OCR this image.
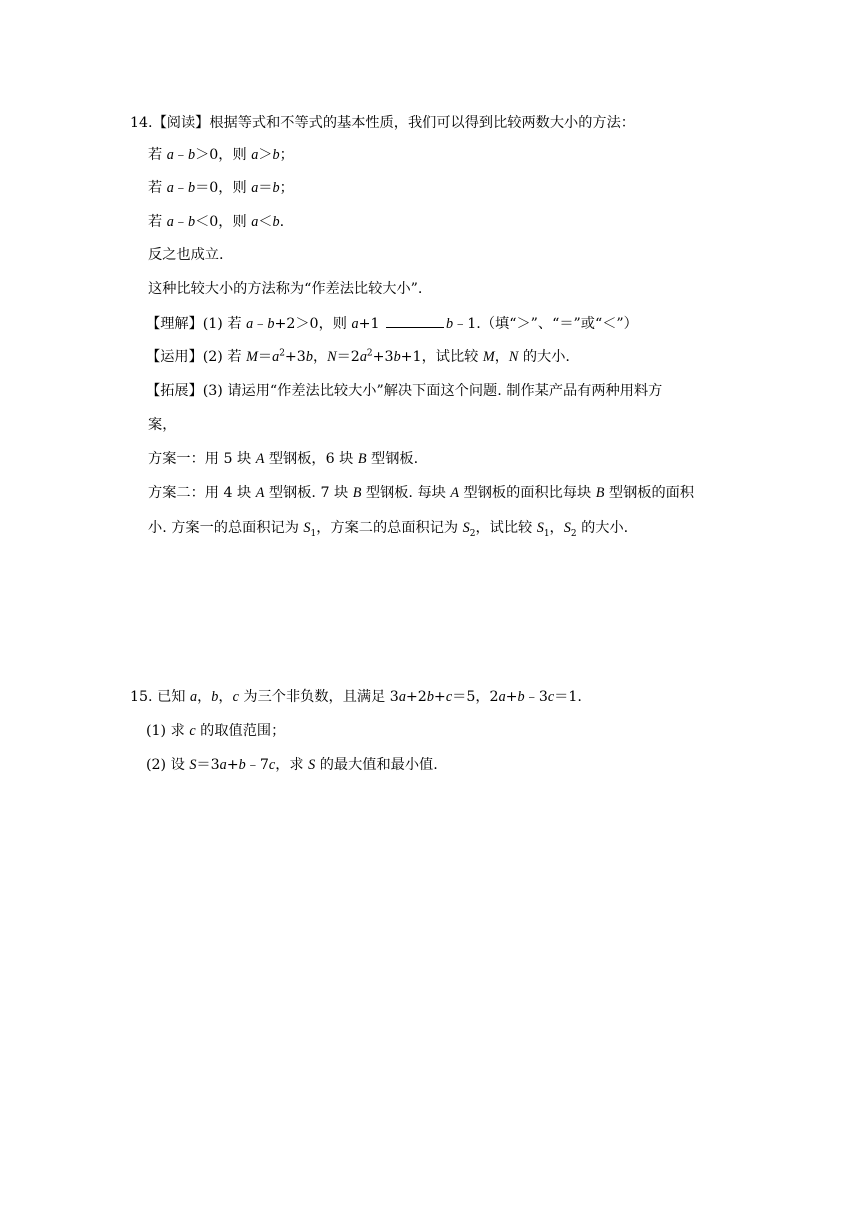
14.【阅读】根据等式和不等式的基本性质，我们可以得到比较两数大小的方法：
若 a﹣b＞0，则 a＞b；
若 a﹣b＝0，则 a＝b；
若 a﹣b＜0，则 a＜b.
反之也成立.
这种比较大小的方法称为“作差法比较大小”.
【理解】(1) 若 a﹣b+2＞0，则 a+1	b﹣1.（填“＞”、“＝”或“＜”）
【运用】(2) 若 $M=a^2+3b$，$N=2a^2+3b+1$，试比较 M，N 的大小.
【拓展】(3) 请运用“作差法比较大小”解决下面这个问题. 制作某产品有两种用料方
案，
方案一：用 5 块 A 型钢板，6 块 B 型钢板.
方案二：用 4 块 A 型钢板. 7 块 B 型钢板. 每块 A 型钢板的面积比每块 B 型钢板的面积
小. 方案一的总面积记为 $S_1$，方案二的总面积记为 $S_2$，试比较 $S_1$，$S_2$ 的大小.
15. 已知 a，b，c 为三个非负数，且满足 3a+2b+c＝5，2a+b﹣3c＝1.
(1) 求 c 的取值范围；
(2) 设 S＝3a+b﹣7c，求 S 的最大值和最小值.
